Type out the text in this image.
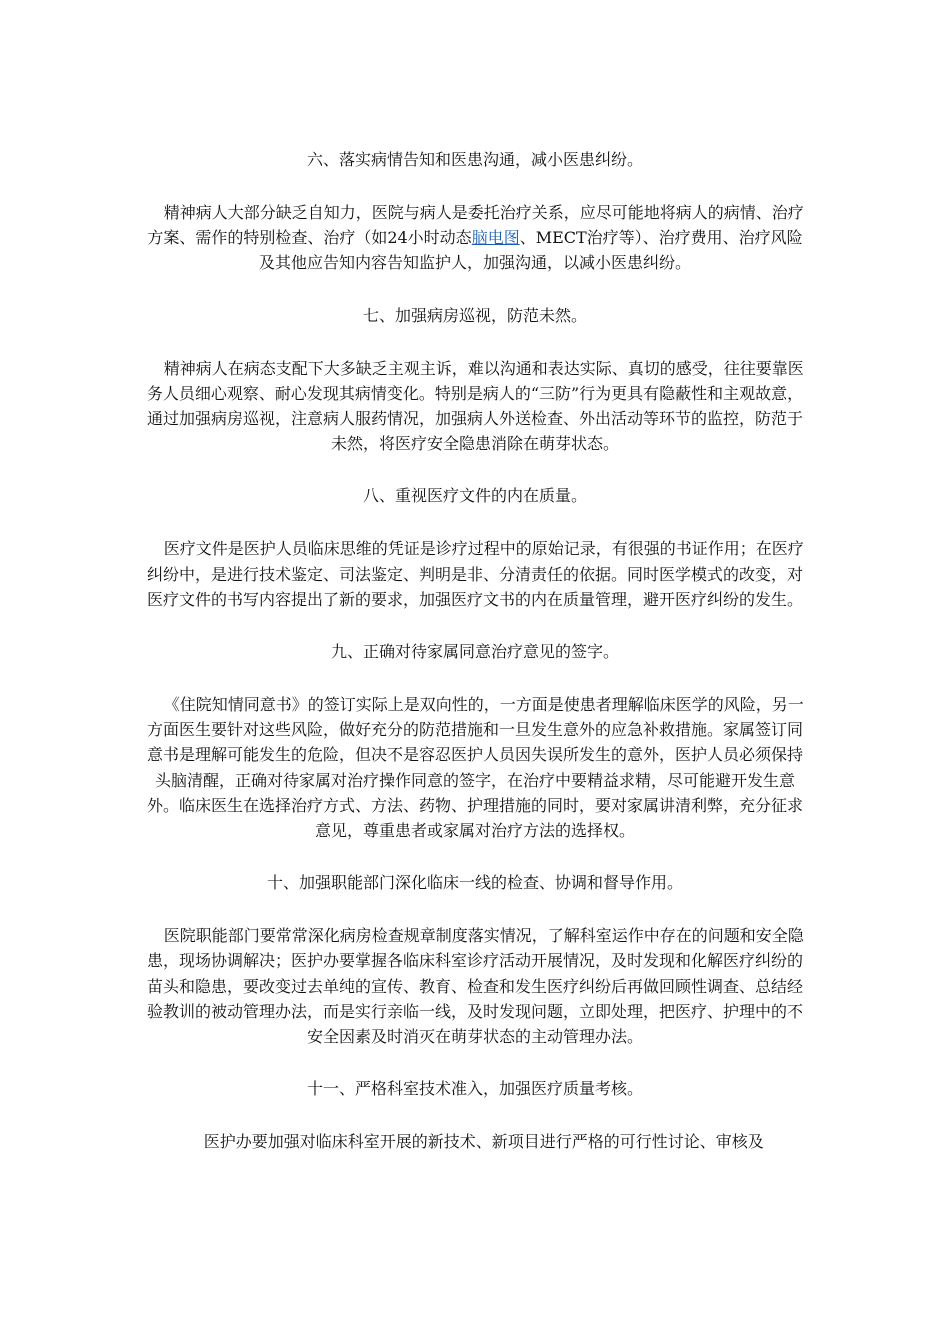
六、落实病情告知和医患沟通，减小医患纠纷。
精神病人大部分缺乏自知力，医院与病人是委托治疗关系，应尽可能地将病人的病情、治疗方案、需作的特别检查、治疗（如24小时动态脑电图、MECT治疗等）、治疗费用、治疗风险及其他应告知内容告知监护人，加强沟通，以减小医患纠纷。
七、加强病房巡视，防范未然。
精神病人在病态支配下大多缺乏主观主诉，难以沟通和表达实际、真切的感受，往往要靠医务人员细心观察、耐心发现其病情变化。特别是病人的“三防”行为更具有隐蔽性和主观故意，通过加强病房巡视，注意病人服药情况，加强病人外送检查、外出活动等环节的监控，防范于未然，将医疗安全隐患消除在萌芽状态。
八、重视医疗文件的内在质量。
医疗文件是医护人员临床思维的凭证是诊疗过程中的原始记录，有很强的书证作用；在医疗纠纷中，是进行技术鉴定、司法鉴定、判明是非、分清责任的依据。同时医学模式的改变，对医疗文件的书写内容提出了新的要求，加强医疗文书的内在质量管理，避开医疗纠纷的发生。
九、正确对待家属同意治疗意见的签字。
《住院知情同意书》的签订实际上是双向性的，一方面是使患者理解临床医学的风险，另一方面医生要针对这些风险，做好充分的防范措施和一旦发生意外的应急补救措施。家属签订同意书是理解可能发生的危险，但决不是容忍医护人员因失误所发生的意外，医护人员必须保持头脑清醒，正确对待家属对治疗操作同意的签字，在治疗中要精益求精，尽可能避开发生意外。临床医生在选择治疗方式、方法、药物、护理措施的同时，要对家属讲清利弊，充分征求意见，尊重患者或家属对治疗方法的选择权。
十、加强职能部门深化临床一线的检查、协调和督导作用。
医院职能部门要常常深化病房检查规章制度落实情况，了解科室运作中存在的问题和安全隐患，现场协调解决；医护办要掌握各临床科室诊疗活动开展情况，及时发现和化解医疗纠纷的苗头和隐患，要改变过去单纯的宣传、教育、检查和发生医疗纠纷后再做回顾性调查、总结经验教训的被动管理办法，而是实行亲临一线，及时发现问题，立即处理，把医疗、护理中的不安全因素及时消灭在萌芽状态的主动管理办法。
十一、严格科室技术准入，加强医疗质量考核。
医护办要加强对临床科室开展的新技术、新项目进行严格的可行性讨论、审核及
